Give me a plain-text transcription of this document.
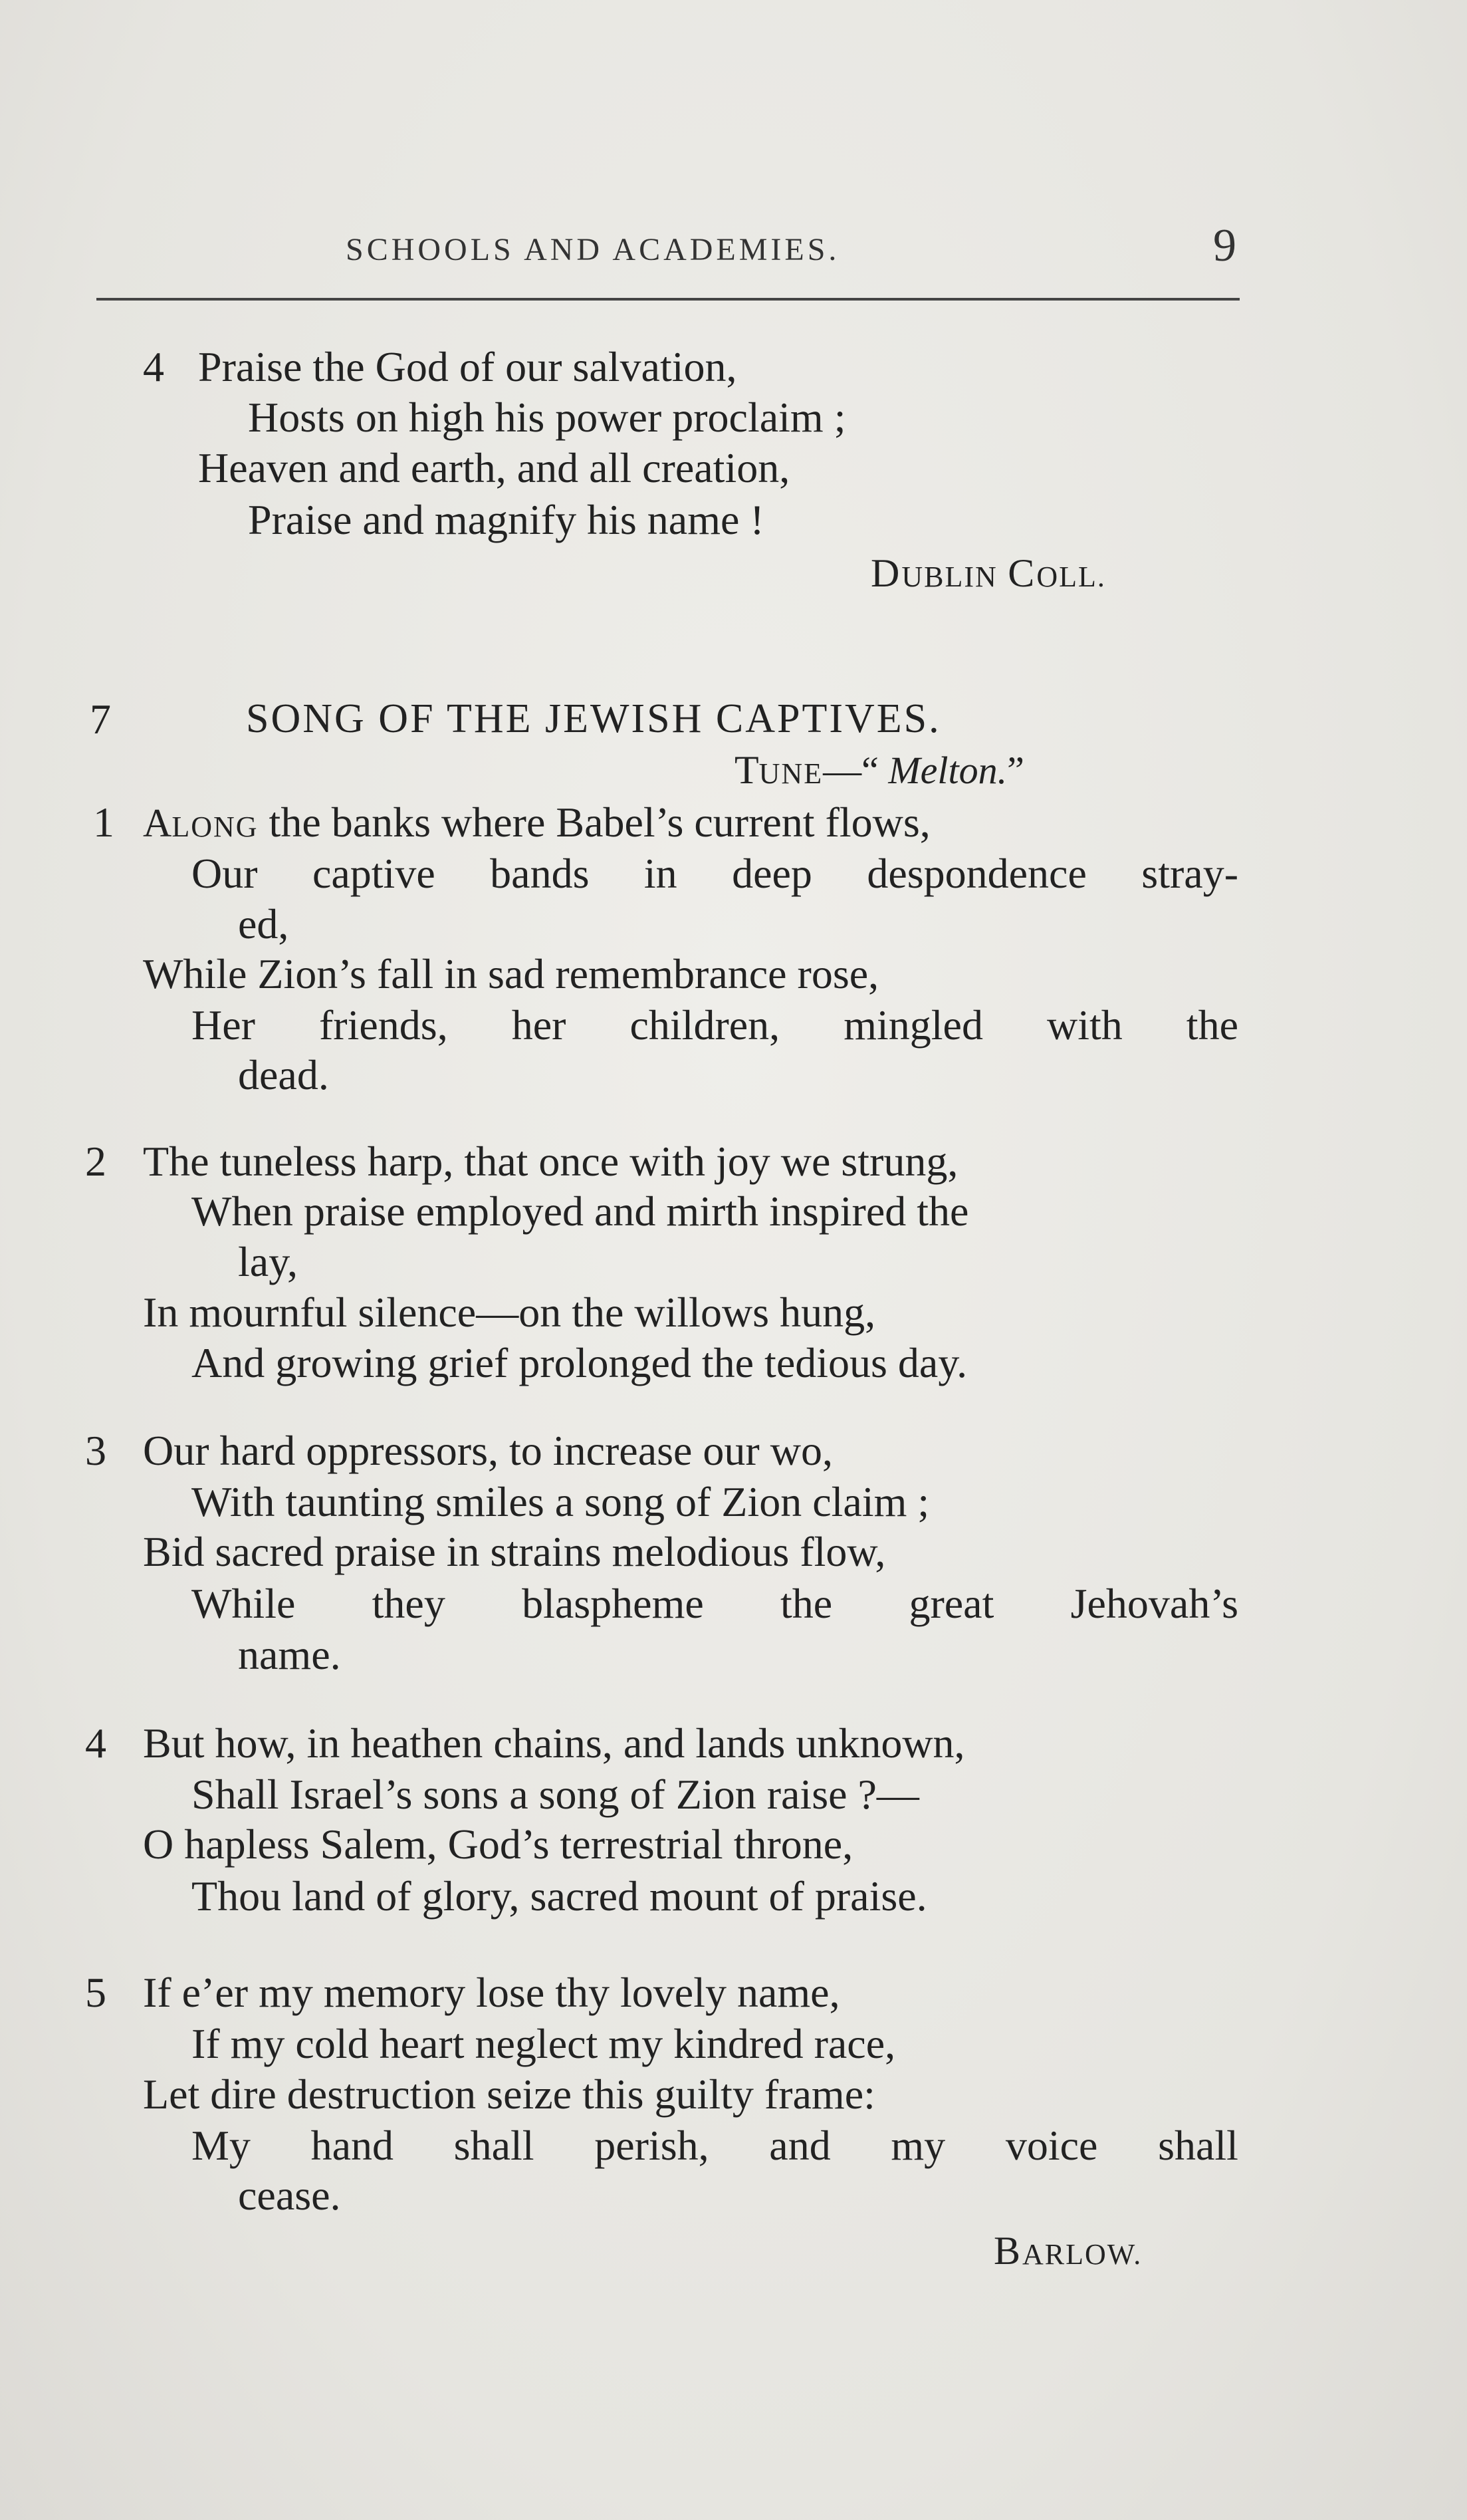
SCHOOLS AND ACADEMIES.	9
4 Praise the God of our salvation,
Hosts on high his power proclaim ;
Heaven and earth, and all creation,
Praise and magnify his name !
DUBLIN COLL.
7	SONG OF THE JEWISH CAPTIVES.
TUNE—“ Melton.”
1 ALONG the banks where Babel’s current flows,
Our captive bands in deep despondence stray-
ed,
While Zion’s fall in sad remembrance rose,
Her friends, her children, mingled with the
dead.
2 The tuneless harp, that once with joy we strung,
When praise employed and mirth inspired the
lay,
In mournful silence—on the willows hung,
And growing grief prolonged the tedious day.
3 Our hard oppressors, to increase our wo,
With taunting smiles a song of Zion claim ;
Bid sacred praise in strains melodious flow,
While they blaspheme the great Jehovah’s
name.
4 But how, in heathen chains, and lands unknown,
Shall Israel’s sons a song of Zion raise ?—
O hapless Salem, God’s terrestrial throne,
Thou land of glory, sacred mount of praise.
5 If e’er my memory lose thy lovely name,
If my cold heart neglect my kindred race,
Let dire destruction seize this guilty frame:
My hand shall perish, and my voice shall
cease.
BARLOW.
